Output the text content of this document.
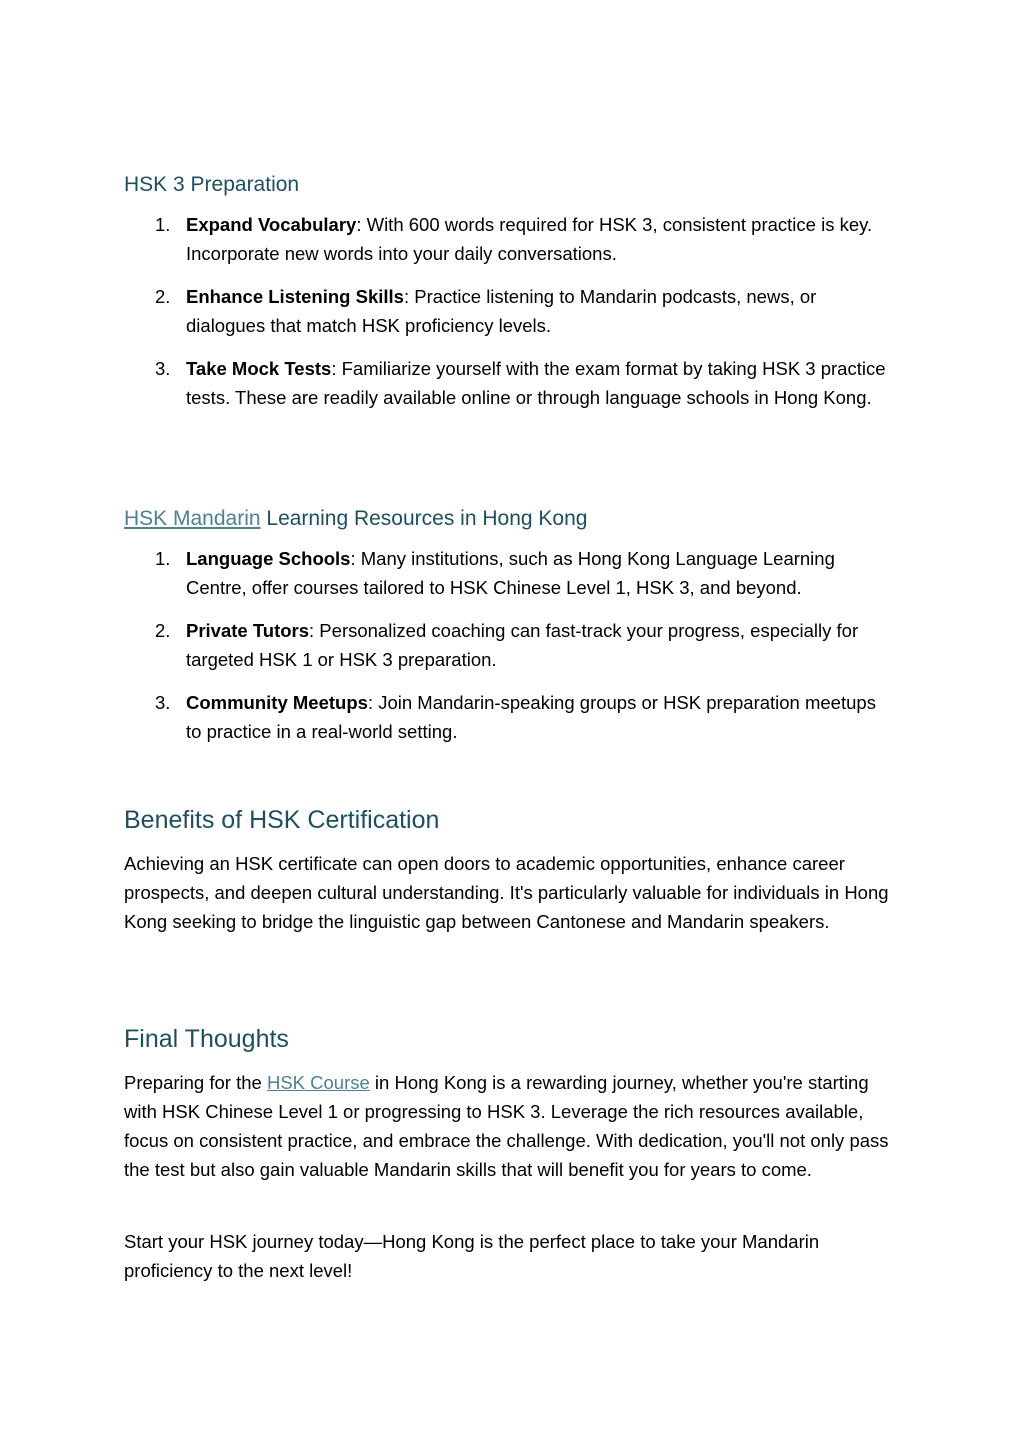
HSK 3 Preparation
1. Expand Vocabulary: With 600 words required for HSK 3, consistent practice is key. Incorporate new words into your daily conversations.
2. Enhance Listening Skills: Practice listening to Mandarin podcasts, news, or dialogues that match HSK proficiency levels.
3. Take Mock Tests: Familiarize yourself with the exam format by taking HSK 3 practice tests. These are readily available online or through language schools in Hong Kong.
HSK Mandarin Learning Resources in Hong Kong
1. Language Schools: Many institutions, such as Hong Kong Language Learning Centre, offer courses tailored to HSK Chinese Level 1, HSK 3, and beyond.
2. Private Tutors: Personalized coaching can fast-track your progress, especially for targeted HSK 1 or HSK 3 preparation.
3. Community Meetups: Join Mandarin-speaking groups or HSK preparation meetups to practice in a real-world setting.
Benefits of HSK Certification

Achieving an HSK certificate can open doors to academic opportunities, enhance career prospects, and deepen cultural understanding. It's particularly valuable for individuals in Hong Kong seeking to bridge the linguistic gap between Cantonese and Mandarin speakers.

Final Thoughts

Preparing for the HSK Course in Hong Kong is a rewarding journey, whether you're starting with HSK Chinese Level 1 or progressing to HSK 3. Leverage the rich resources available, focus on consistent practice, and embrace the challenge. With dedication, you'll not only pass the test but also gain valuable Mandarin skills that will benefit you for years to come.

Start your HSK journey today—Hong Kong is the perfect place to take your Mandarin proficiency to the next level!
